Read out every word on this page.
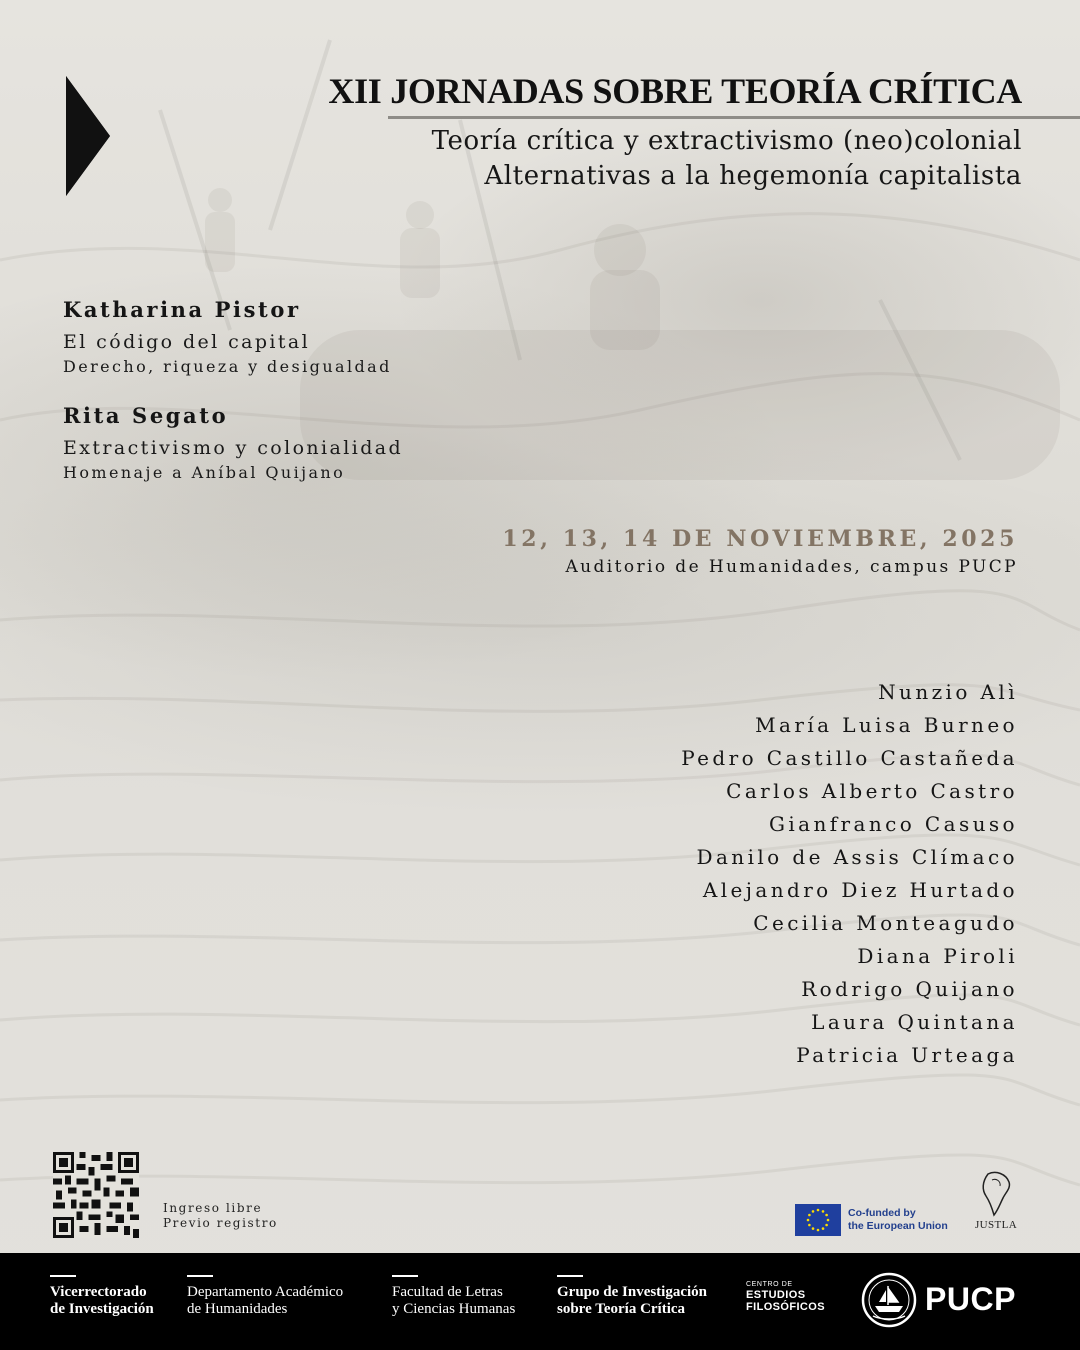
XII JORNADAS SOBRE TEORÍA CRÍTICA
Teoría crítica y extractivismo (neo)colonial
Alternativas a la hegemonía capitalista
Katharina Pistor
El código del capital
Derecho, riqueza y desigualdad
Rita Segato
Extractivismo y colonialidad
Homenaje a Aníbal Quijano
12, 13, 14 DE NOVIEMBRE, 2025
Auditorio de Humanidades, campus PUCP
Nunzio Alì
María Luisa Burneo
Pedro Castillo Castañeda
Carlos Alberto Castro
Gianfranco Casuso
Danilo de Assis Clímaco
Alejandro Diez Hurtado
Cecilia Monteagudo
Diana Piroli
Rodrigo Quijano
Laura Quintana
Patricia Urteaga
Ingreso libre
Previo registro
Co-funded by
the European Union	JUSTLA
Vicerrectorado
de Investigación
Departamento Académico
de Humanidades
Facultad de Letras
y Ciencias Humanas
Grupo de Investigación
sobre Teoría Crítica
CENTRO DE
ESTUDIOS
FILOSÓFICOS	PUCP
